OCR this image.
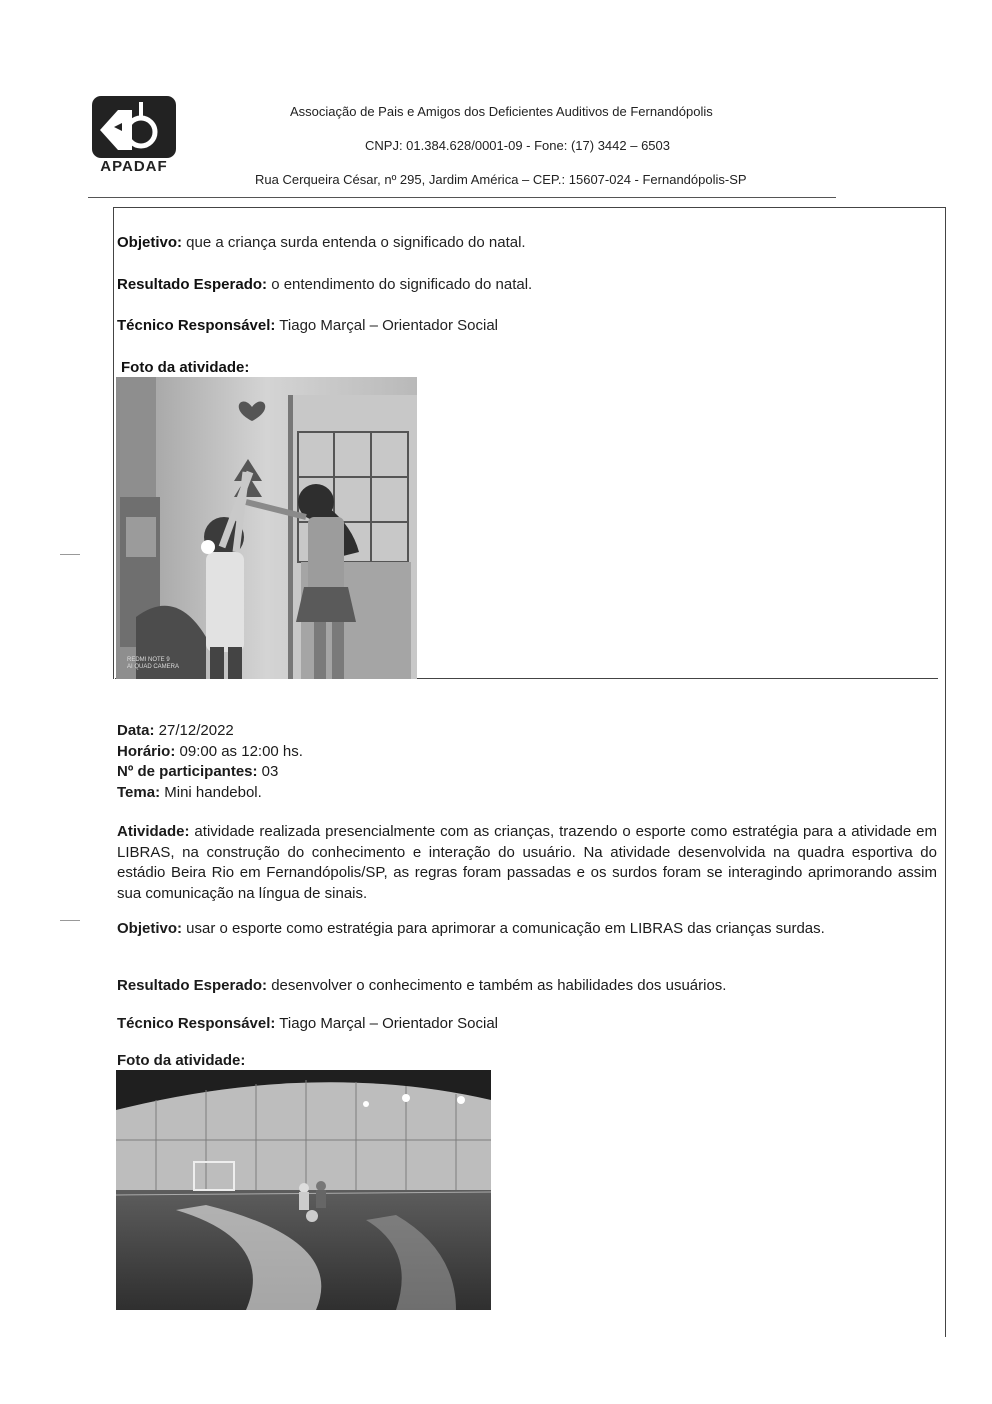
APADAF
Associação de Pais e Amigos dos Deficientes Auditivos de Fernandópolis
CNPJ: 01.384.628/0001-09 - Fone: (17) 3442 – 6503
Rua Cerqueira César, nº 295, Jardim América – CEP.: 15607-024 - Fernandópolis-SP
Objetivo: que a criança surda entenda o significado do natal.
Resultado Esperado: o entendimento do significado do natal.
Técnico Responsável: Tiago Marçal – Orientador Social
Foto da atividade:
REDMI NOTE 9
AI QUAD CAMERA
Data: 27/12/2022
Horário: 09:00 as 12:00 hs.
Nº de participantes: 03
Tema: Mini handebol.
Atividade: atividade realizada presencialmente com as crianças, trazendo o esporte como estratégia para a atividade em LIBRAS, na construção do conhecimento e interação do usuário. Na atividade desenvolvida na quadra esportiva do estádio Beira Rio em Fernandópolis/SP, as regras foram passadas e os surdos foram se interagindo aprimorando assim sua comunicação na língua de sinais.
Objetivo: usar o esporte como estratégia para aprimorar a comunicação em LIBRAS das crianças surdas.
Resultado Esperado: desenvolver o conhecimento e também as habilidades dos usuários.
Técnico Responsável: Tiago Marçal – Orientador Social
Foto da atividade:
